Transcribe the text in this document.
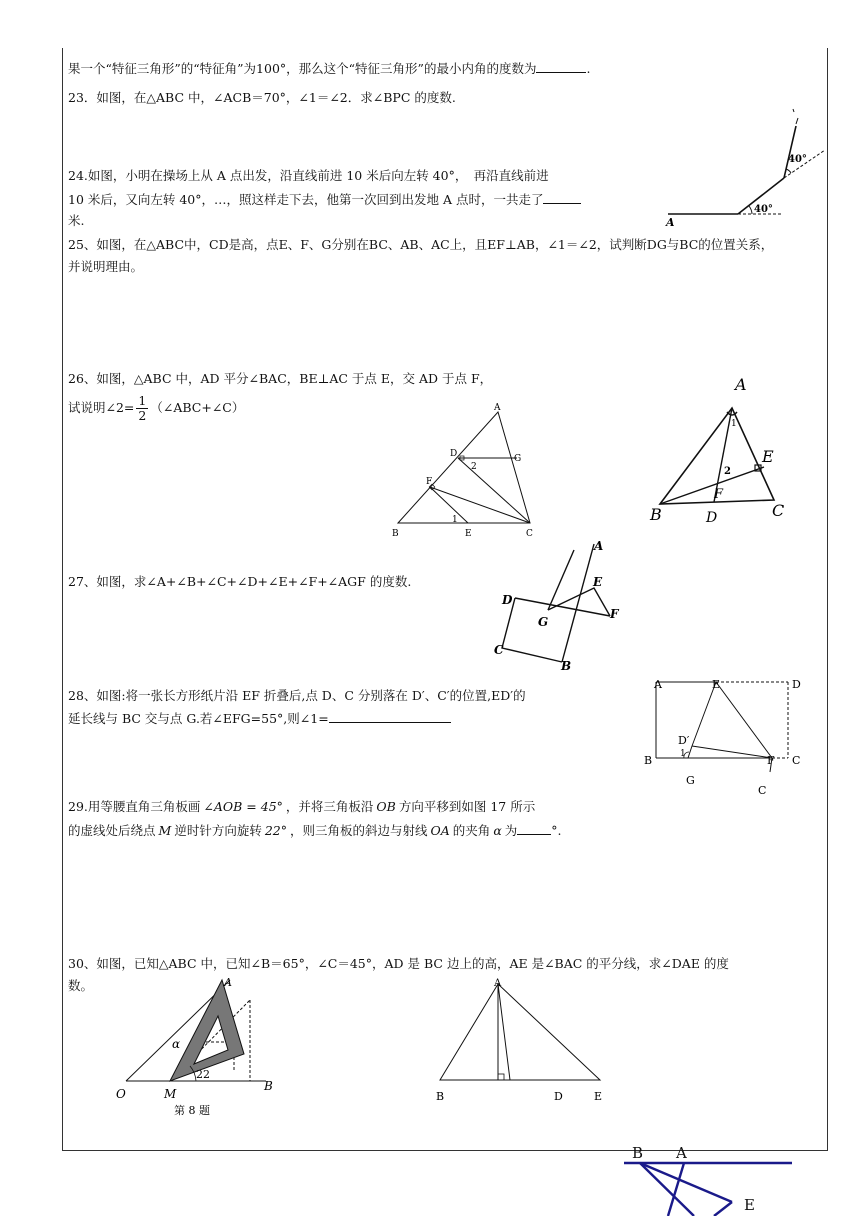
果一个“特征三角形”的“特征角”为100°，那么这个“特征三角形”的最小内角的度数为	.
23．如图，在△ABC 中，∠ACB＝70°，∠1＝∠2．求∠BPC 的度数.
24.如图，小明在操场上从 A 点出发，沿直线前进 10 米后向左转 40°，　再沿直线前进
10 米后，又向左转 40°，…，照这样走下去，他第一次回到出发地 A 点时，一共走了
米.
40°
40°
A
25、如图，在△ABC中，CD是高，点E、F、G分别在BC、AB、AC上，且EF⊥AB，∠1＝∠2，试判断DG与BC的位置关系，
并说明理由。
26、如图，△ABC 中，AD 平分∠BAC，BE⊥AC 于点 E，交 AD 于点 F，
试说明∠2= $\frac{1}{2}$ （∠ABC+∠C）	A
B	C
D
E
F
G
1
2
A
B	C
D
E
F
1
2
27、如图，求∠A+∠B+∠C+∠D+∠E+∠F+∠AGF 的度数.
A
B
C
D
E
F
G
28、如图:将一张长方形纸片沿 EF 折叠后,点 D、C 分别落在 D′、C′的位置,ED′的
延长线与 BC 交与点 G.若∠EFG=55°,则∠1=
A	E	D
D′
1
B	F C
G
C
29.用等腰直角三角板画 ∠AOB = 45° ，并将三角板沿 OB 方向平移到如图 17 所示
的虚线处后绕点 M 逆时针方向旋转 22° ，则三角板的斜边与射线 OA 的夹角 α 为	°.
30、如图，已知△ABC 中，已知∠B＝65°，∠C＝45°，AD 是 BC 边上的高，AE 是∠BAC 的平分线，求∠DAE 的度
数。	A
O	M
B
α
22
第 8 题
A
B	D	E
B A
E
